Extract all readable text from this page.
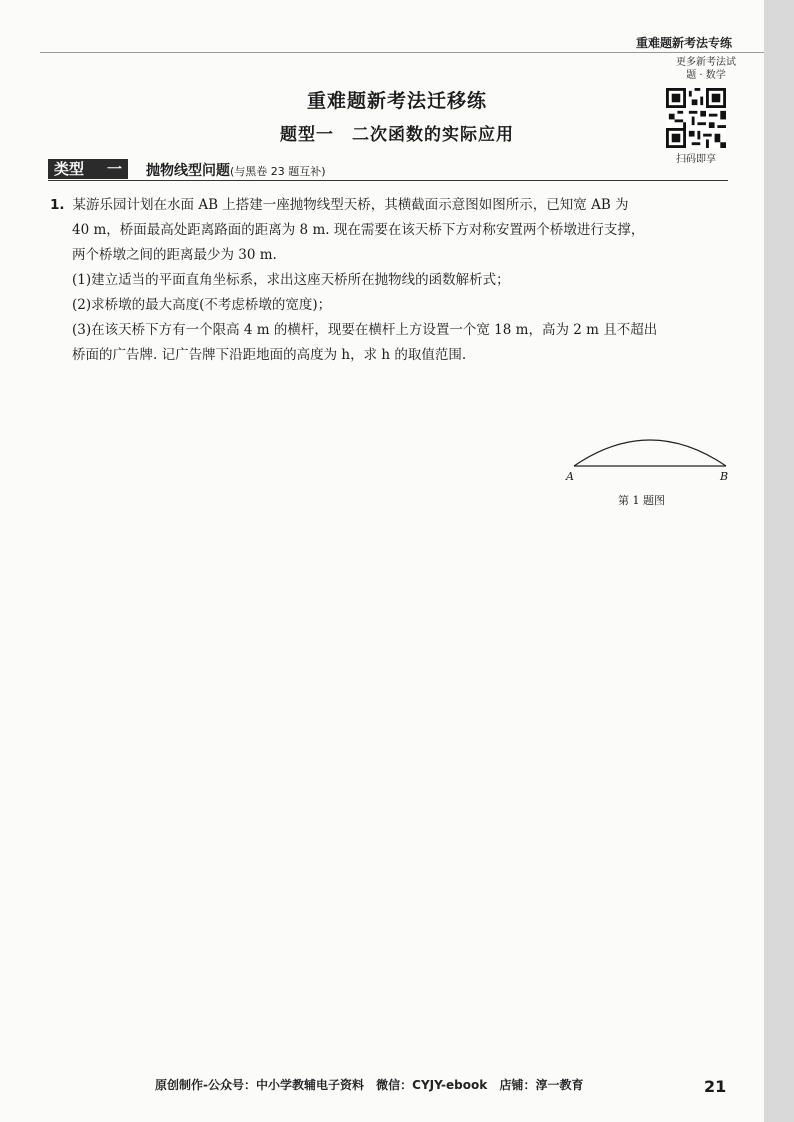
重难题新考法专练
更多新考法试题 · 数学
扫码即享
重难题新考法迁移练
题型一　二次函数的实际应用
类型 一 抛物线型问题(与黑卷 23 题互补)

1. 某游乐园计划在水面 AB 上搭建一座抛物线型天桥，其横截面示意图如图所示，已知宽 AB 为

40 m，桥面最高处距离路面的距离为 8 m. 现在需要在该天桥下方对称安置两个桥墩进行支撑，

两个桥墩之间的距离最少为 30 m.

(1)建立适当的平面直角坐标系，求出这座天桥所在抛物线的函数解析式；

(2)求桥墩的最大高度(不考虑桥墩的宽度)；

(3)在该天桥下方有一个限高 4 m 的横杆，现要在横杆上方设置一个宽 18 m，高为 2 m 且不超出

桥面的广告牌. 记广告牌下沿距地面的高度为 h，求 h 的取值范围.

A	B
第 1 题图
原创制作-公众号：中小学教辅电子资料 微信：CYJY-ebook 店铺：淳一教育	21
